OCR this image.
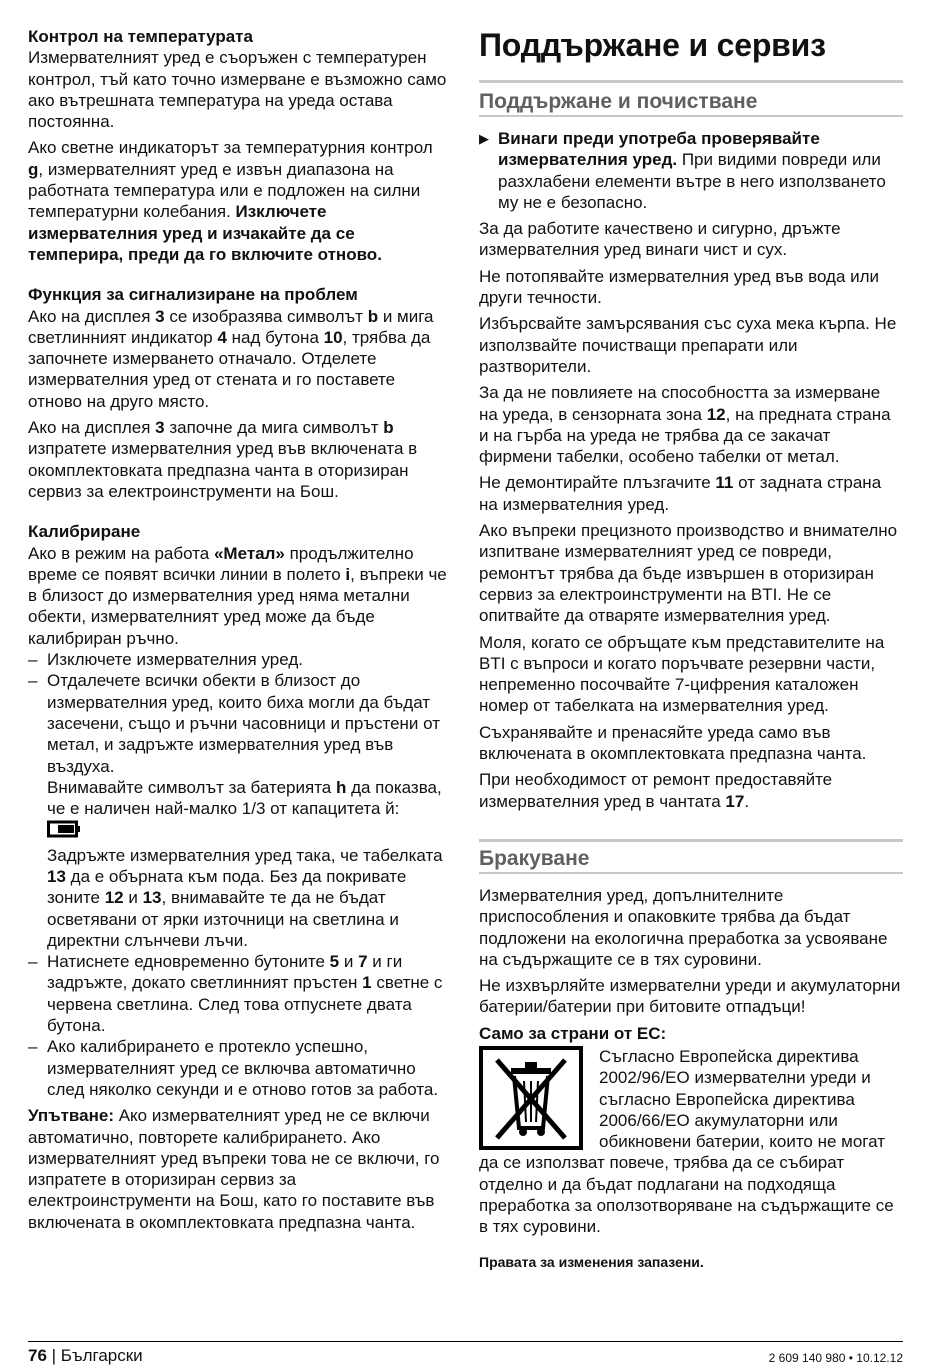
Контрол на температурата

Измервателният уред е съоръжен с температурен контрол, тъй като точно измерване е възможно само ако вътрешната температура на уреда остава постоянна.

Ако светне индикаторът за температурния контрол g, измервателният уред е извън диапазона на работната температура или е подложен на силни температурни колебания. Изключете измервателния уред и изчакайте да се темперира, преди да го включите отново.

Функция за сигнализиране на проблем

Ако на дисплея 3 се изобразява символът b и мига светлинният индикатор 4 над бутона 10, трябва да започнете измерването отначало. Отделете измервателния уред от стената и го поставете отново на друго място.

Ако на дисплея 3 започне да мига символът b изпратете измервателния уред във включената в окомплектовката предпазна чанта в оторизиран сервиз за електроинструменти на Бош.

Калибриране

Ако в режим на работа «Метал» продължително време се появят всички линии в полето i, въпреки че в близост до измервателния уред няма метални обекти, измервателният уред може да бъде калибриран ръчно.

– Изключете измервателния уред.
– Отдалечете всички обекти в близост до измервателния уред, които биха могли да бъдат засечени, също и ръчни часовници и пръстени от метал, и задръжте измервателния уред във въздуха.
Внимавайте символът за батерията h да показва, че е наличен най-малко 1/3 от капацитета й:
Задръжте измервателния уред така, че табелката 13 да е обърната към пода. Без да покривате зоните 12 и 13, внимавайте те да не бъдат осветявани от ярки източници на светлина и директни слънчеви лъчи.
– Натиснете едновременно бутоните 5 и 7 и ги задръжте, докато светлинният пръстен 1 светне с червена светлина. След това отпуснете двата бутона.
– Ако калибрирането е протекло успешно, измервателният уред се включва автоматично след няколко секунди и е отново готов за работа.

Упътване: Ако измервателният уред не се включи автоматично, повторете калибрирането. Ако измервателният уред въпреки това не се включи, го изпратете в оторизиран сервиз за електроинструменти на Бош, като го поставите във включената в окомплектовката предпазна чанта.

Поддържане и сервиз
Поддържане и почистване
▶ Винаги преди употреба проверявайте измервателния уред. При видими повреди или разхлабени елементи вътре в него използването му не е безопасно.

За да работите качествено и сигурно, дръжте измервателния уред винаги чист и сух.

Не потопявайте измервателния уред във вода или други течности.

Избърсвайте замърсявания със суха мека кърпа. Не използвайте почистващи препарати или разтворители.

За да не повлияете на способността за измерване на уреда, в сензорната зона 12, на предната страна и на гърба на уреда не трябва да се закачат фирмени табелки, особено табелки от метал.

Не демонтирайте плъзгачите 11 от задната страна на измервателния уред.

Ако въпреки прецизното производство и внимателно изпитване измервателният уред се повреди, ремонтът трябва да бъде извършен в оторизиран сервиз за електроинструменти на BTI. Не се опитвайте да отваряте измервателния уред.

Моля, когато се обръщате към представителите на BTI с въпроси и когато поръчвате резервни части, непременно посочвайте 7-цифрения каталожен номер от табелката на измервателния уред.

Съхранявайте и пренасяйте уреда само във включената в окомплектовката предпазна чанта.

При необходимост от ремонт предоставяйте измервателния уред в чантата 17.

Бракуване

Измервателния уред, допълнителните приспособления и опаковките трябва да бъдат подложени на екологична преработка за усвояване на съдържащите се в тях суровини.

Не изхвърляйте измервателни уреди и акумулаторни батерии/батерии при битовите отпадъци!

Само за страни от ЕС:
Съгласно Европейска директива 2002/96/ЕО измервателни уреди и съгласно Европейска директива 2006/66/ЕО акумулаторни или обикновени батерии, които не могат да се използват повече, трябва да се събират отделно и да бъдат подлагани на подходяща преработка за оползотворяване на съдържащите се в тях суровини.
Правата за изменения запазени.
76 | Български	2 609 140 980 • 10.12.12
